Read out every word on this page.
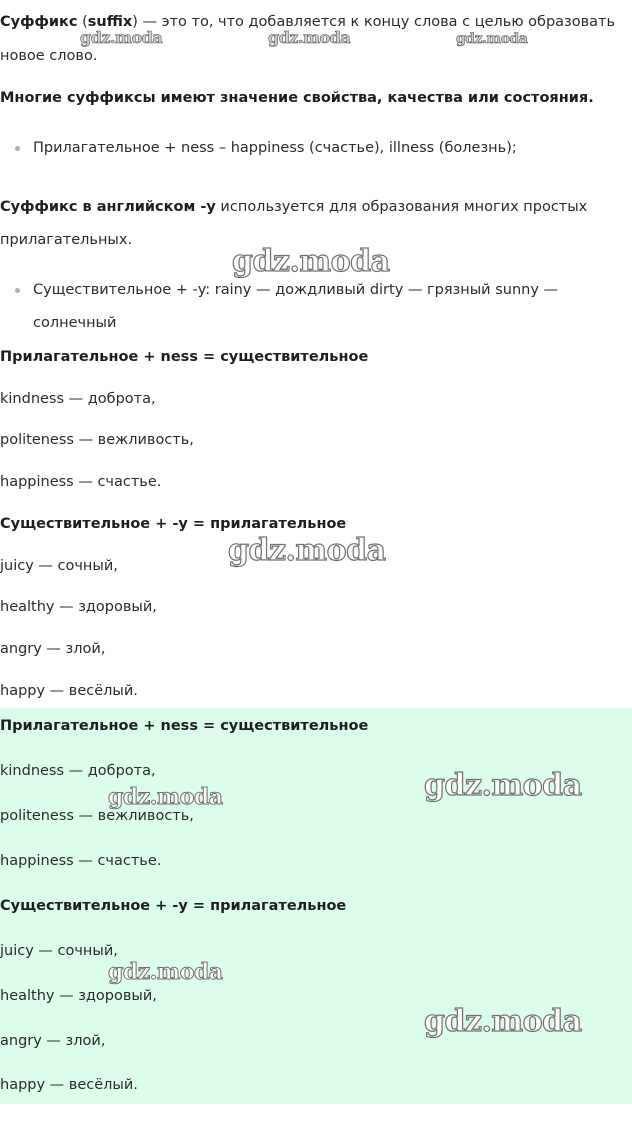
Суффикс (suffix) — это то, что добавляется к концу слова с целью образовать

новое слово.

Многие суффиксы имеют значение свойства, качества или состояния.

Прилагательное + ness – happiness (счастье), illness (болезнь);

Суффикс в английском -y используется для образования многих простых

прилагательных.

Существительное + -y: rainy — дождливый dirty — грязный sunny —

солнечный

Прилагательное + ness = существительное

kindness — доброта,

politeness — вежливость,

happiness — счастье.

Существительное + -y = прилагательное

juicy — сочный,

healthy — здоровый,

angry — злой,

happy — весёлый.

Прилагательное + ness = существительное

kindness — доброта,

politeness — вежливость,

happiness — счастье.

Существительное + -y = прилагательное

juicy — сочный,

healthy — здоровый,

angry — злой,

happy — весёлый.

gdz.moda	gdz.moda	gdz.moda
gdz.moda
gdz.moda
gdz.moda	gdz.moda
gdz.moda
gdz.moda
